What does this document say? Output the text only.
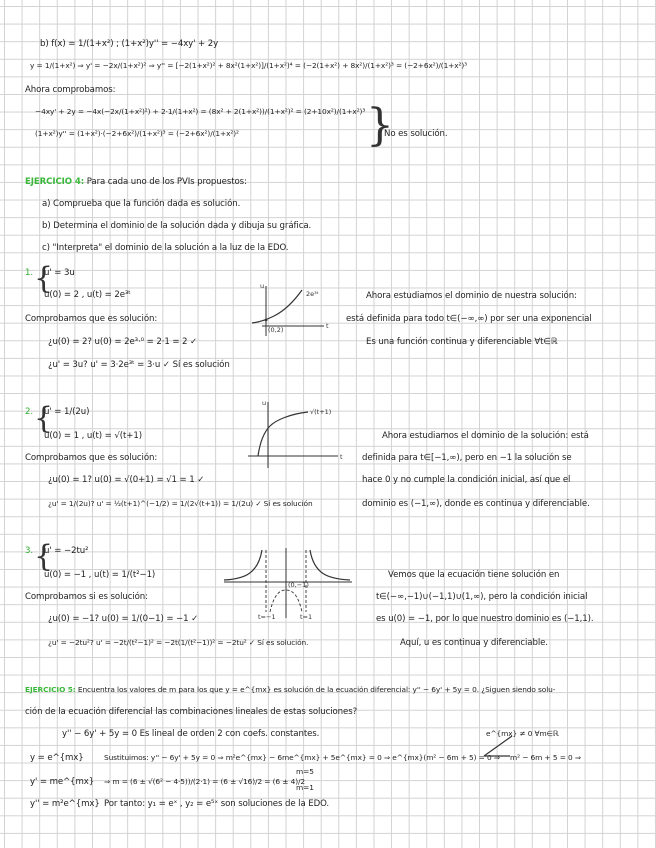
b) f(x) = 1/(1+x²) ; (1+x²)y'' = −4xy' + 2y
y = 1/(1+x²) ⇒ y' = −2x/(1+x²)² ⇒ y'' = [−2(1+x²)² + 8x²(1+x²)]/(1+x²)⁴ = (−2(1+x²) + 8x²)/(1+x²)³ = (−2+6x²)/(1+x²)³
Ahora comprobamos:
−4xy' + 2y = −4x(−2x/(1+x²)²) + 2·1/(1+x²) = (8x² + 2(1+x²))/(1+x²)² = (2+10x²)/(1+x²)³
(1+x²)y'' = (1+x²)·(−2+6x²)/(1+x²)³ = (−2+6x²)/(1+x²)²	}
No es solución.
EJERCICIO 4: Para cada uno de los PVIs propuestos:
a) Comprueba que la función dada es solución.
b) Determina el dominio de la solución dada y dibuja su gráfica.
c) "Interpreta" el dominio de la solución a la luz de la EDO.
1. {
u' = 3u
u(0) = 2 , u(t) = 2e³ᵗ
Comprobamos que es solución:
¿u(0) = 2? u(0) = 2e³·⁰ = 2·1 = 2 ✓
¿u' = 3u? u' = 3·2e³ᵗ = 3·u ✓ Sí es solución
u
t
2e³ᵗ
(0,2)
Ahora estudiamos el dominio de nuestra solución:
está definida para todo t∈(−∞,∞) por ser una exponencial
Es una función continua y diferenciable ∀t∈ℝ
2. {
u' = 1/(2u)
u(0) = 1 , u(t) = √(t+1)
Comprobamos que es solución:
¿u(0) = 1? u(0) = √(0+1) = √1 = 1 ✓
¿u' = 1/(2u)? u' = ½(t+1)^(−1/2) = 1/(2√(t+1)) = 1/(2u) ✓ Sí es solución
u
t
√(t+1)
Ahora estudiamos el dominio de la solución: está
definida para t∈[−1,∞), pero en −1 la solución se
hace 0 y no cumple la condición inicial, así que el
dominio es (−1,∞), donde es continua y diferenciable.
3. {
u' = −2tu²
u(0) = −1 , u(t) = 1/(t²−1)
Comprobamos si es solución:
¿u(0) = −1? u(0) = 1/(0−1) = −1 ✓
¿u' = −2tu²? u' = −2t/(t²−1)² = −2t(1/(t²−1))² = −2tu² ✓ Sí es solución.
(0,−1)
t=−1	t=1
Vemos que la ecuación tiene solución en
t∈(−∞,−1)∪(−1,1)∪(1,∞), pero la condición inicial
es u(0) = −1, por lo que nuestro dominio es (−1,1).
Aquí, u es continua y diferenciable.
EJERCICIO 5: Encuentra los valores de m para los que y = e^{mx} es solución de la ecuación diferencial: y'' − 6y' + 5y = 0. ¿Siguen siendo solu-
ción de la ecuación diferencial las combinaciones lineales de estas soluciones?
y'' − 6y' + 5y = 0 Es lineal de orden 2 con coefs. constantes.	e^{mx} ≠ 0 ∀m∈ℝ
y = e^{mx}	Sustituimos: y'' − 6y' + 5y = 0 ⇒ m²e^{mx} − 6me^{mx} + 5e^{mx} = 0 ⇒ e^{mx}(m² − 6m + 5) = 0 ⇒ m² − 6m + 5 = 0 ⇒
y' = me^{mx} ⇒ m = (6 ± √(6² − 4·5))/(2·1) = (6 ± √16)/2 = (6 ± 4)/2
m=5
m=1
y'' = m²e^{mx} Por tanto: y₁ = eˣ , y₂ = e⁵ˣ son soluciones de la EDO.
